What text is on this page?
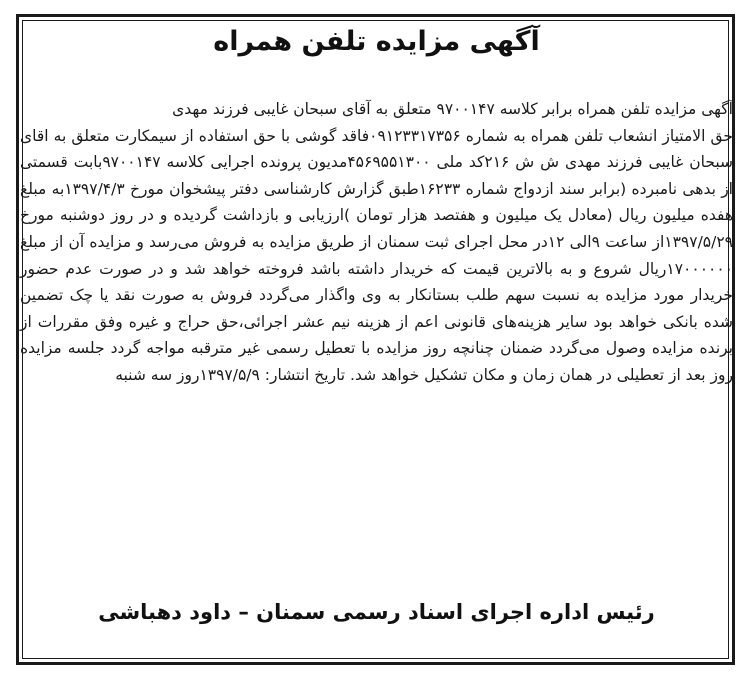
آگهی مزایده تلفن همراه

آگهی مزایده تلفن همراه برابر کلاسه ۹۷۰۰۱۴۷ متعلق به آقای سبحان غایبی فرزند مهدی

حق الامتیاز انشعاب تلفن همراه به شماره ۰۹۱۲۳۳۱۷۳۵۶فاقد گوشی با حق استفاده از سیمکارت متعلق به اقای سبحان غایبی فرزند مهدی ش ش ۲۱۶کد ملی ۴۵۶۹۵۵۱۳۰۰مدیون پرونده اجرایی کلاسه ۹۷۰۰۱۴۷بابت قسمتی از بدهی نامبرده (برابر سند ازدواج شماره ۱۶۲۳۳طبق گزارش کارشناسی دفتر پیشخوان مورخ ۱۳۹۷/۴/۳به مبلغ هفده میلیون ریال (معادل یک میلیون و هفتصد هزار تومان )ارزیابی و بازداشت گردیده و در روز دوشنبه مورخ ۱۳۹۷/۵/۲۹از ساعت ۹الی ۱۲در محل اجرای ثبت سمنان از طریق مزایده به فروش می‌رسد و مزایده آن از مبلغ ۱۷۰۰۰۰۰۰ریال شروع و به بالاترین قیمت که خریدار داشته باشد فروخته خواهد شد و در صورت عدم حضور خریدار مورد مزایده به نسبت سهم طلب بستانکار به وی واگذار می‌گردد فروش به صورت نقد یا چک تضمین شده بانکی خواهد بود سایر هزینه‌های قانونی اعم از هزینه نیم عشر اجرائی،حق حراج و غیره وفق مقررات از برنده مزایده وصول می‌گردد ضمنان چنانچه روز مزایده با تعطیل رسمی غیر مترقبه مواجه گردد جلسه مزایده روز بعد از تعطیلی در همان زمان و مکان تشکیل خواهد شد. تاریخ انتشار: ۱۳۹۷/۵/۹روز سه شنبه

رئیس اداره اجرای اسناد رسمی سمنان – داود دهباشی
